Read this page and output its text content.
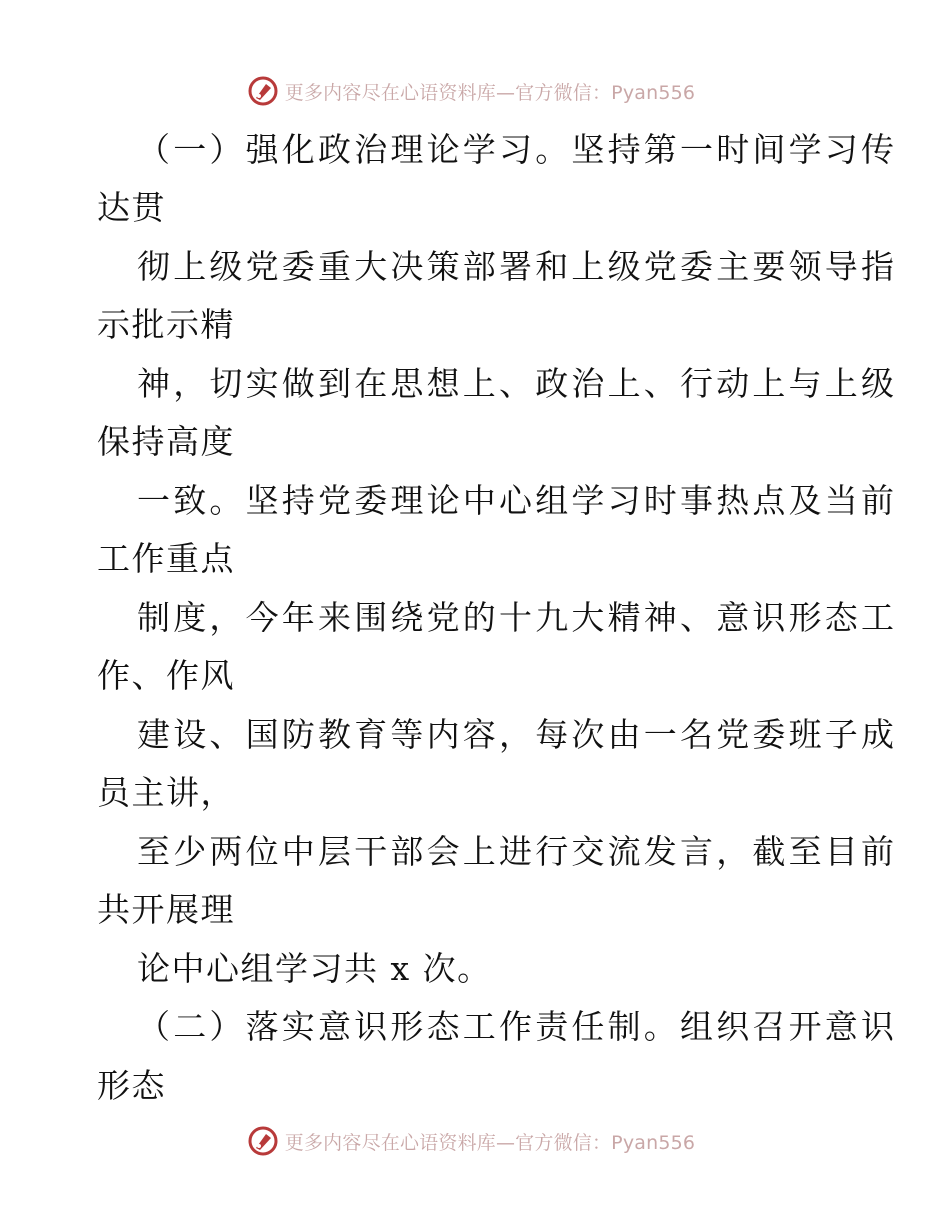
更多内容尽在心语资料库—官方微信：Pyan556
（一）强化政治理论学习。坚持第一时间学习传
达贯
彻上级党委重大决策部署和上级党委主要领导指
示批示精
神，切实做到在思想上、政治上、行动上与上级
保持高度
一致。坚持党委理论中心组学习时事热点及当前
工作重点
制度，今年来围绕党的十九大精神、意识形态工
作、作风
建设、国防教育等内容，每次由一名党委班子成
员主讲，
至少两位中层干部会上进行交流发言，截至目前
共开展理
论中心组学习共 x 次。
（二）落实意识形态工作责任制。组织召开意识
形态
更多内容尽在心语资料库—官方微信：Pyan556
